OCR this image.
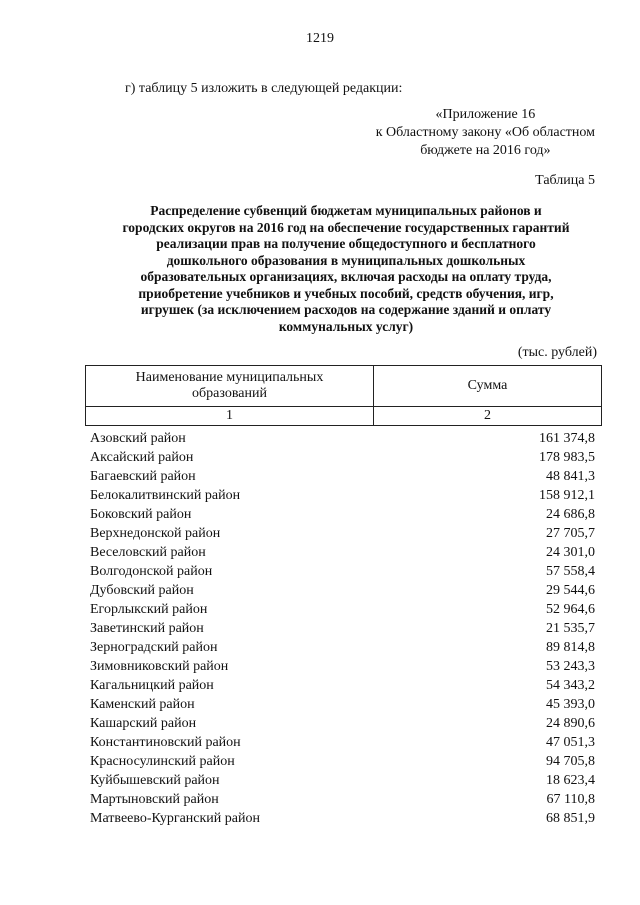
1219
г) таблицу 5 изложить в следующей редакции:
«Приложение 16
к Областному закону «Об областном
бюджете на 2016 год»
Таблица 5
Распределение субвенций бюджетам муниципальных районов и
городских округов на 2016 год на обеспечение государственных гарантий
реализации прав на получение общедоступного и бесплатного
дошкольного образования в муниципальных дошкольных
образовательных организациях, включая расходы на оплату труда,
приобретение учебников и учебных пособий, средств обучения, игр,
игрушек (за исключением расходов на содержание зданий и оплату
коммунальных услуг)
(тыс. рублей)
Наименование муниципальных
образований	Сумма
1	2
Азовский район	161 374,8
Аксайский район	178 983,5
Багаевский район	48 841,3
Белокалитвинский район	158 912,1
Боковский район	24 686,8
Верхнедонской район	27 705,7
Веселовский район	24 301,0
Волгодонской район	57 558,4
Дубовский район	29 544,6
Егорлыкский район	52 964,6
Заветинский район	21 535,7
Зерноградский район	89 814,8
Зимовниковский район	53 243,3
Кагальницкий район	54 343,2
Каменский район	45 393,0
Кашарский район	24 890,6
Константиновский район	47 051,3
Красносулинский район	94 705,8
Куйбышевский район	18 623,4
Мартыновский район	67 110,8
Матвеево-Курганский район	68 851,9
